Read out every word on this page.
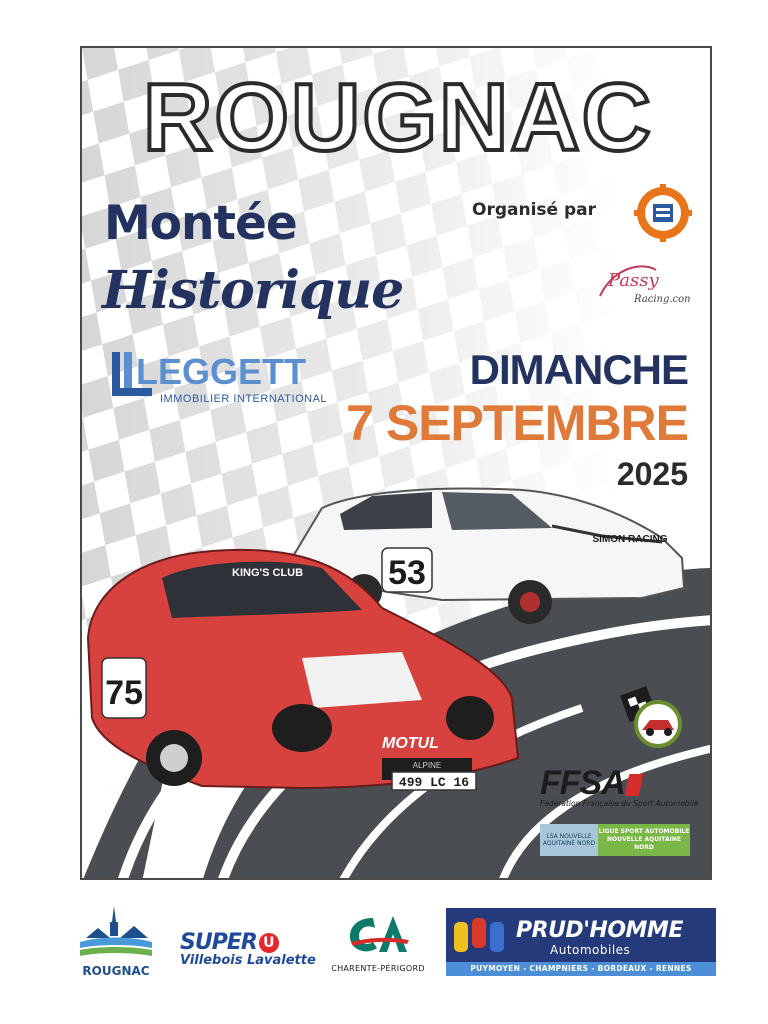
ROUGNAC
Montée
Historique
Organisé par
Passy
Racing.com
LEGGETT
IMMOBILIER INTERNATIONAL
DIMANCHE
7 SEPTEMBRE
2025
53
SIMON RACING
KING'S CLUB
75
MOTUL
ALPINE
499 LC 16 FFSA
Fédération Française du Sport Automobile
LSA NOUVELLE AQUITAINE NORD
LIGUE SPORT AUTOMOBILE NOUVELLE AQUITAINE NORD
ROUGNAC
SUPER U
Villebois Lavalette
CHARENTE-PÉRIGORD
PRUD'HOMME
Automobiles
PUYMOYEN - CHAMPNIERS - BORDEAUX - RENNES
